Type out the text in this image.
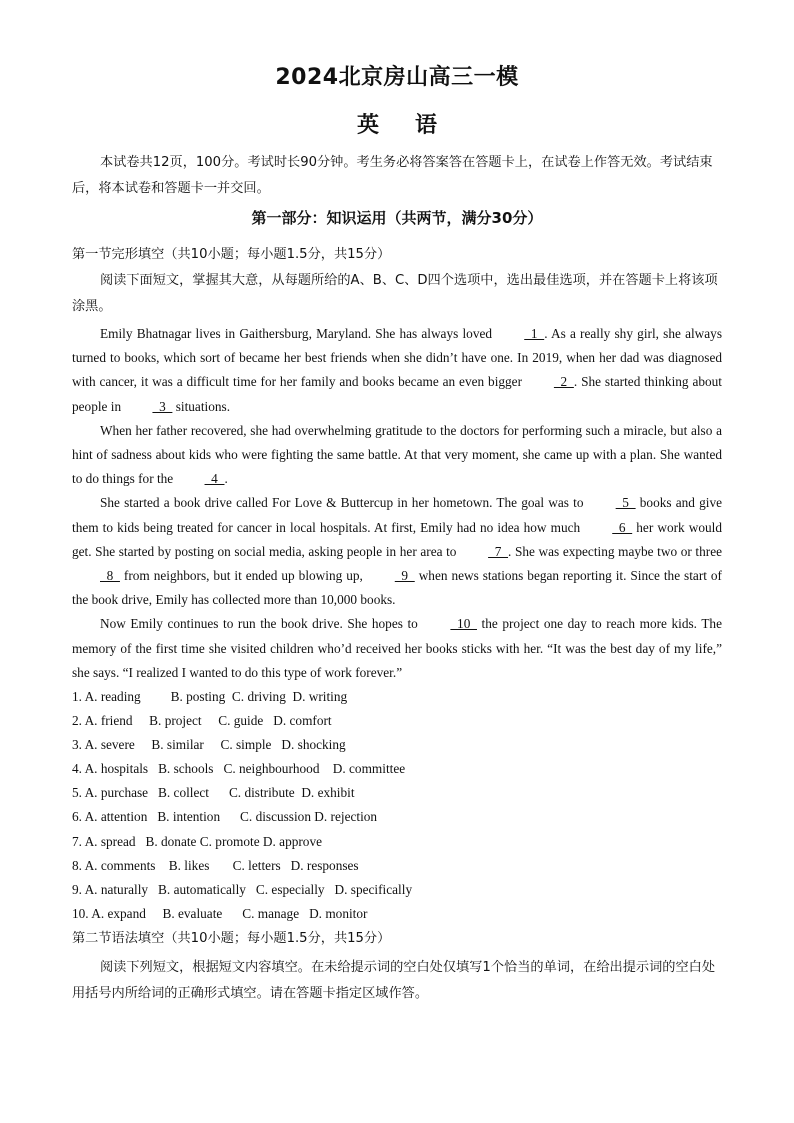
2024北京房山高三一模
英语
本试卷共12页，100分。考试时长90分钟。考生务必将答案答在答题卡上，在试卷上作答无效。考试结束后，将本试卷和答题卡一并交回。
第一部分：知识运用（共两节，满分30分）
第一节完形填空（共10小题；每小题1.5分，共15分）
阅读下面短文，掌握其大意，从每题所给的A、B、C、D四个选项中，选出最佳选项，并在答题卡上将该项涂黑。

Emily Bhatnagar lives in Gaithersburg, Maryland. She has always loved   1  . As a really shy girl, she always turned to books, which sort of became her best friends when she didn’t have one. In 2019, when her dad was diagnosed with cancer, it was a difficult time for her family and books became an even bigger   2  . She started thinking about people in   3   situations.

When her father recovered, she had overwhelming gratitude to the doctors for performing such a miracle, but also a hint of sadness about kids who were fighting the same battle. At that very moment, she came up with a plan. She wanted to do things for the   4  .

She started a book drive called For Love & Buttercup in her hometown. The goal was to   5   books and give them to kids being treated for cancer in local hospitals. At first, Emily had no idea how much   6   her work would get. She started by posting on social media, asking people in her area to   7  . She was expecting maybe two or three   8   from neighbors, but it ended up blowing up,   9   when news stations began reporting it. Since the start of the book drive, Emily has collected more than 10,000 books.

Now Emily continues to run the book drive. She hopes to   10   the project one day to reach more kids. The memory of the first time she visited children who’d received her books sticks with her. “It was the best day of my life,” she says. “I realized I wanted to do this type of work forever.”

1. A. reading         B. posting  C. driving  D. writing
2. A. friend     B. project     C. guide   D. comfort
3. A. severe     B. similar     C. simple   D. shocking
4. A. hospitals   B. schools   C. neighbourhood    D. committee
5. A. purchase   B. collect      C. distribute  D. exhibit
6. A. attention   B. intention      C. discussion D. rejection
7. A. spread   B. donate C. promote D. approve
8. A. comments    B. likes       C. letters   D. responses
9. A. naturally   B. automatically   C. especially   D. specifically
10. A. expand     B. evaluate      C. manage   D. monitor
第二节语法填空（共10小题；每小题1.5分，共15分）
阅读下列短文，根据短文内容填空。在未给提示词的空白处仅填写1个恰当的单词，在给出提示词的空白处用括号内所给词的正确形式填空。请在答题卡指定区域作答。
